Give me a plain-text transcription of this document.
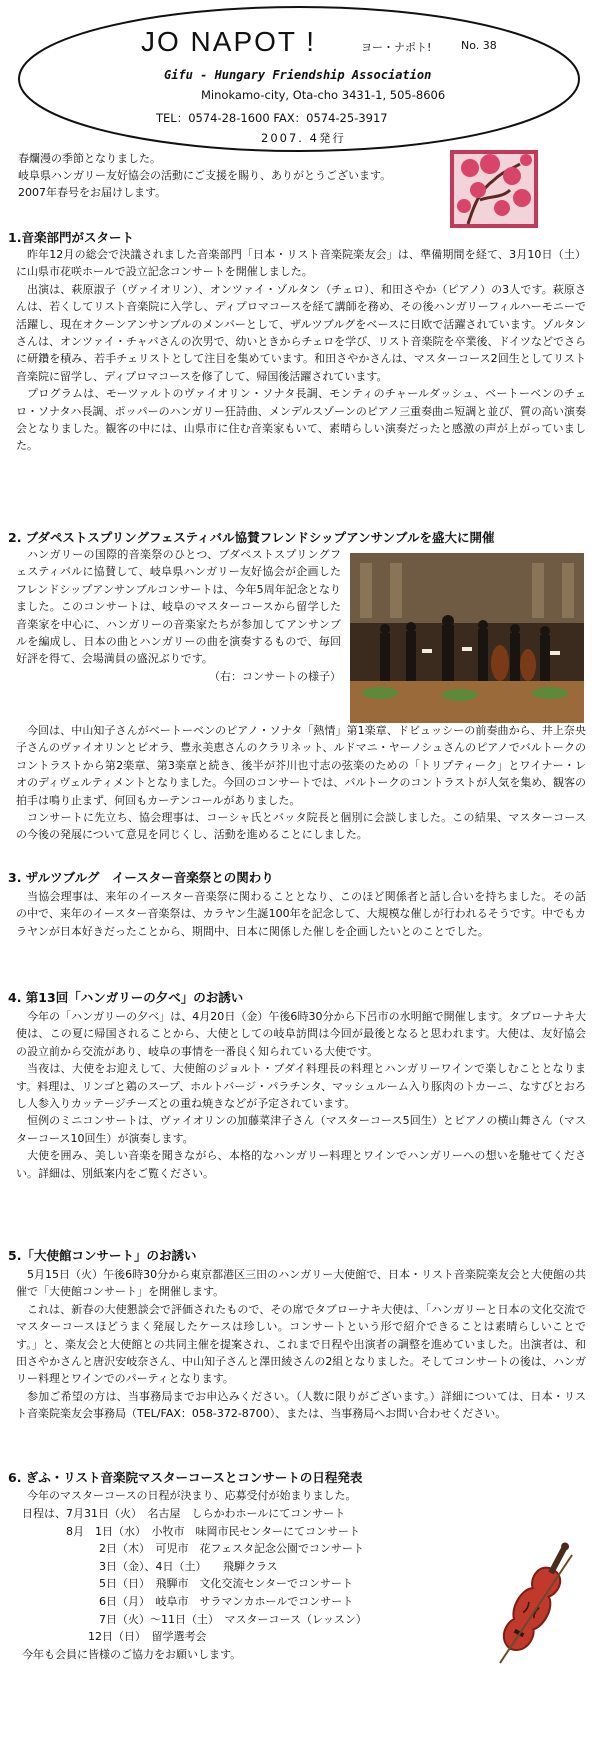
JO NAPOT !	ヨー・ナポト!	No. 38
Gifu - Hungary Friendship Association
Minokamo-city, Ota-cho 3431-1, 505-8606
TEL：0574-28-1600 FAX：0574-25-3917
2007. 4発行
春爛漫の季節となりました。
岐阜県ハンガリー友好協会の活動にご支援を賜り、ありがとうございます。
2007年春号をお届けします。
1.音楽部門がスタート

昨年12月の総会で決議されました音楽部門「日本・リスト音楽院楽友会」は、準備期間を経て、3月10日（土）に山県市花咲ホールで設立記念コンサートを開催しました。

出演は、萩原淑子（ヴァイオリン）、オンツァイ・ゾルタン（チェロ）、和田さやか（ピアノ）の3人です。萩原さんは、若くしてリスト音楽院に入学し、ディプロマコースを経て講師を務め、その後ハンガリーフィルハーモニーで活躍し、現在オクーンアンサンブルのメンバーとして、ザルツブルグをベースに日欧で活躍されています。ゾルタンさんは、オンツァイ・チャバさんの次男で、幼いときからチェロを学び、リスト音楽院を卒業後、ドイツなどでさらに研鑽を積み、若手チェリストとして注目を集めています。和田さやかさんは、マスターコース2回生としてリスト音楽院に留学し、ディプロマコースを修了して、帰国後活躍されています。

プログラムは、モーツァルトのヴァイオリン・ソナタ長調、モンティのチャールダッシュ、ベートーベンのチェロ・ソナタハ長調、ポッパーのハンガリー狂詩曲、メンデルスゾーンのピアノ三重奏曲ニ短調と並び、質の高い演奏会となりました。観客の中には、山県市に住む音楽家もいて、素晴らしい演奏だったと感激の声が上がっていました。

2. ブダペストスプリングフェスティバル協賛フレンドシップアンサンブルを盛大に開催

ハンガリーの国際的音楽祭のひとつ、ブダペストスプリングフェスティバルに協賛して、岐阜県ハンガリー友好協会が企画したフレンドシップアンサンブルコンサートは、今年5周年記念となりました。このコンサートは、岐阜のマスターコースから留学した音楽家を中心に、ハンガリーの音楽家たちが参加してアンサンブルを編成し、日本の曲とハンガリーの曲を演奏するもので、毎回好評を得て、会場満員の盛況ぶりです。

（右：コンサートの様子）

今回は、中山知子さんがベートーベンのピアノ・ソナタ「熱情」第1楽章、ドビュッシーの前奏曲から、井上奈央子さんのヴァイオリンとピオラ、豊永美恵さんのクラリネット、ルドマニ・ヤーノシュさんのピアノでバルトークのコントラストから第2楽章、第3楽章と続き、後半が芥川也寸志の弦楽のための「トリプティーク」とワイナー・レオのディヴェルティメントとなりました。今回のコンサートでは、バルトークのコントラストが人気を集め、観客の拍手は鳴り止まず、何回もカーテンコールがありました。

コンサートに先立ち、協会理事は、コーシャ氏とバッタ院長と個別に会談しました。この結果、マスターコースの今後の発展について意見を同じくし、活動を進めることにしました。

3. ザルツブルグ　イースター音楽祭との関わり

当協会理事は、来年のイースター音楽祭に関わることとなり、このほど関係者と話し合いを持ちました。その話の中で、来年のイースター音楽祭は、カラヤン生誕100年を記念して、大規模な催しが行われるそうです。中でもカラヤンが日本好きだったことから、期間中、日本に関係した催しを企画したいとのことでした。

4. 第13回「ハンガリーの夕べ」のお誘い

今年の「ハンガリーの夕べ」は、4月20日（金）午後6時30分から下呂市の水明館で開催します。タブローナキ大使は、この夏に帰国されることから、大使としての岐阜訪問は今回が最後となると思われます。大使は、友好協会の設立前から交流があり、岐阜の事情を一番良く知られている大使です。

当夜は、大使をお迎えして、大使館のジョルト・ブダイ料理長の料理とハンガリーワインで楽しむこととなります。料理は、リンゴと鶏のスープ、ホルトバージ・パラチンタ、マッシュルーム入り豚肉のトカーニ、なすびとおろし人参入りカッテージチーズとの重ね焼きなどが予定されています。

恒例のミニコンサートは、ヴァイオリンの加藤菜津子さん（マスターコース5回生）とピアノの横山舞さん（マスターコース10回生）が演奏します。

大使を囲み、美しい音楽を聞きながら、本格的なハンガリー料理とワインでハンガリーへの想いを馳せてください。詳細は、別紙案内をご覧ください。

5.「大使館コンサート」のお誘い

5月15日（火）午後6時30分から東京都港区三田のハンガリー大使館で、日本・リスト音楽院楽友会と大使館の共催で「大使館コンサート」を開催します。

これは、新春の大使懇談会で評価されたもので、その席でタブローナキ大使は、「ハンガリーと日本の文化交流でマスターコースほどうまく発展したケースは珍しい。コンサートという形で紹介できることは素晴らしいことです。」と、楽友会と大使館との共同主催を提案され、これまで日程や出演者の調整を進めていました。出演者は、和田さやかさんと唐沢安岐奈さん、中山知子さんと澤田綾さんの2組となりました。そしてコンサートの後は、ハンガリー料理とワインでのパーティとなります。

参加ご希望の方は、当事務局までお申込みください。（人数に限りがございます。）詳細については、日本・リスト音楽院楽友会事務局（TEL/FAX：058-372-8700）、または、当事務局へお問い合わせください。

6. ぎふ・リスト音楽院マスターコースとコンサートの日程発表

今年のマスターコースの日程が決まり、応募受付が始まりました。

日程は、7月31日（火）　名古屋　しらかわホールにてコンサート
　　　　8月　1日（水）　小牧市　味岡市民センターにてコンサート
　　　　　　　2日（木）　可児市　花フェスタ記念公園でコンサート
　　　　　　　3日（金）、4日（土）　　飛騨クラス
　　　　　　　5日（日）　飛騨市　文化交流センターでコンサート
　　　　　　　6日（月）　岐阜市　サラマンカホールでコンサート
　　　　　　　7日（火）～11日（土）　マスターコース（レッスン）
　　　　　　12日（日）　留学選考会
今年も会員に皆様のご協力をお願いします。
